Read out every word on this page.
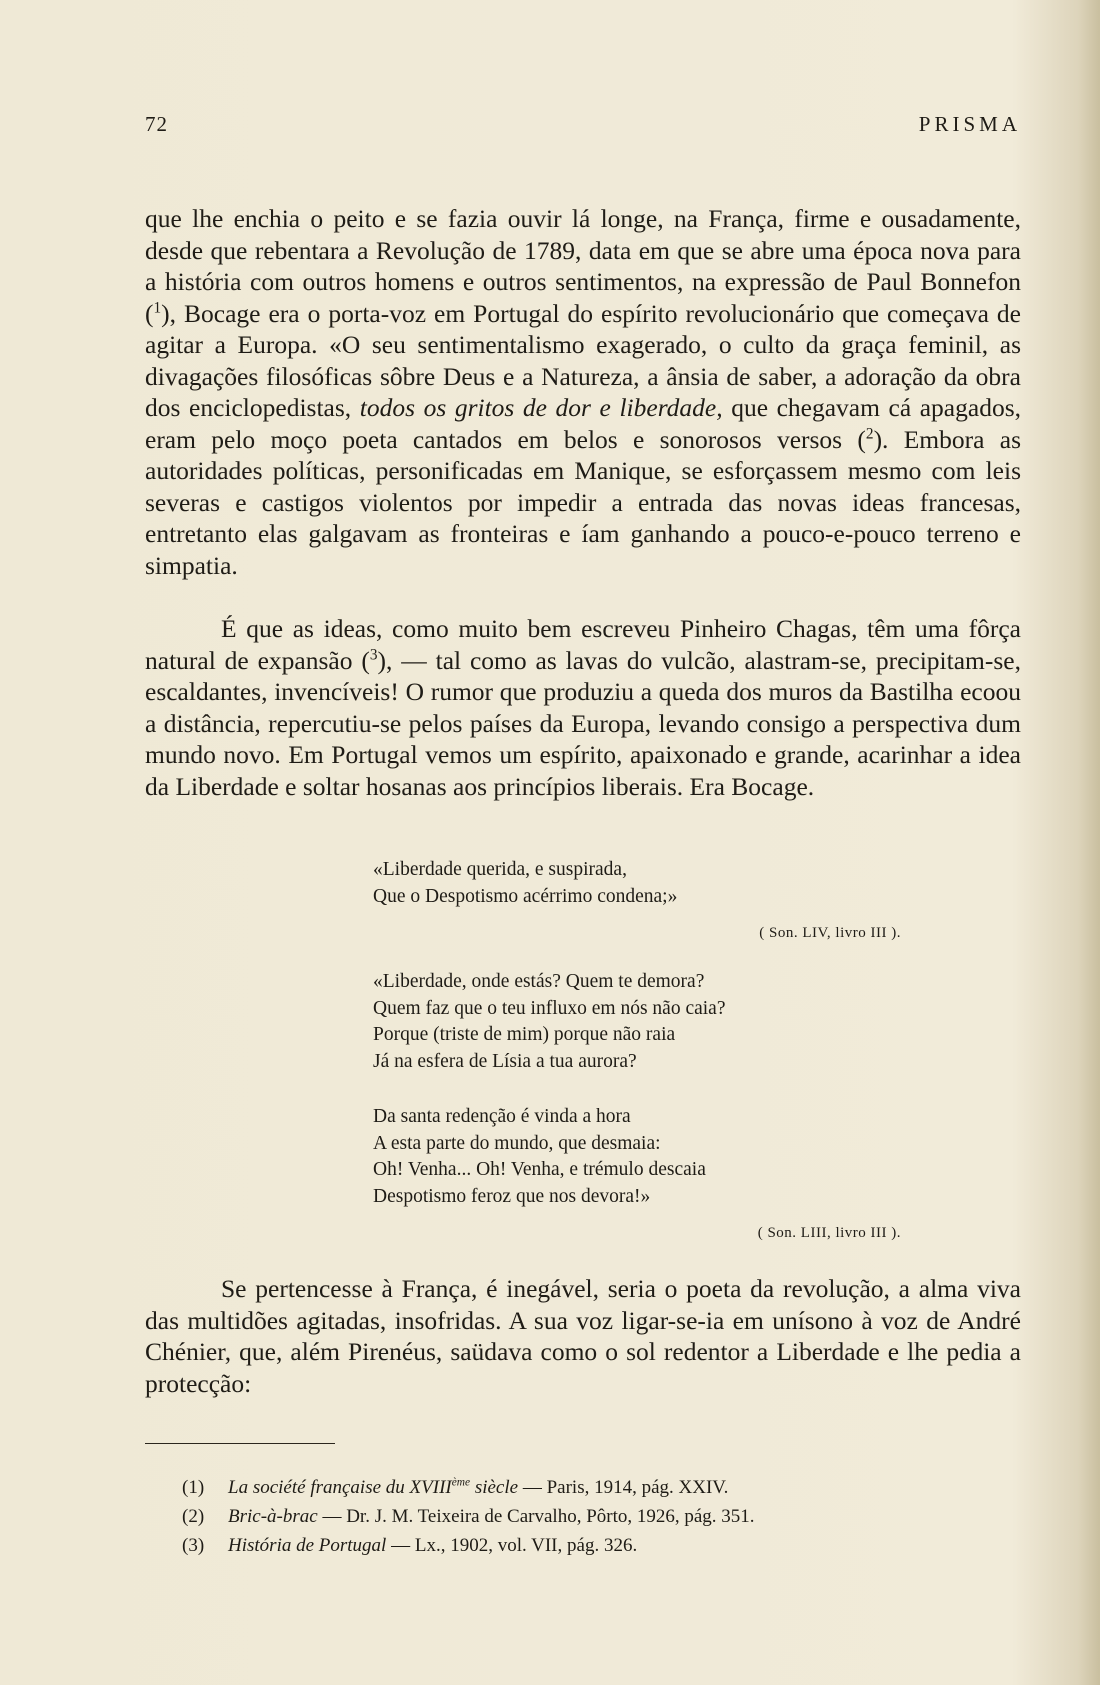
72	PRISMA

que lhe enchia o peito e se fazia ouvir lá longe, na França, firme e ousadamente, desde que rebentara a Revolução de 1789, data em que se abre uma época nova para a história com outros homens e outros sentimentos, na expressão de Paul Bonnefon ($^1$), Bocage era o porta-voz em Portugal do espírito revolucionário que começava de agitar a Europa. «O seu sentimentalismo exagerado, o culto da graça feminil, as divagações filosóficas sôbre Deus e a Natureza, a ânsia de saber, a adoração da obra dos enciclopedistas, todos os gritos de dor e liberdade, que chegavam cá apagados, eram pelo moço poeta cantados em belos e sonorosos versos ($^2$). Embora as autoridades políticas, personificadas em Manique, se esforçassem mesmo com leis severas e castigos violentos por impedir a entrada das novas ideas francesas, entretanto elas galgavam as fronteiras e íam ganhando a pouco-e-pouco terreno e simpatia.

É que as ideas, como muito bem escreveu Pinheiro Chagas, têm uma fôrça natural de expansão ($^3$), — tal como as lavas do vulcão, alastram-se, precipitam-se, escaldantes, invencíveis! O rumor que produziu a queda dos muros da Bastilha ecoou a distância, repercutiu-se pelos países da Europa, levando consigo a perspectiva dum mundo novo. Em Portugal vemos um espírito, apaixonado e grande, acarinhar a idea da Liberdade e soltar hosanas aos princípios liberais. Era Bocage.

«Liberdade querida, e suspirada,
Que o Despotismo acérrimo condena;»
( Son. LIV, livro III ).
«Liberdade, onde estás? Quem te demora?
Quem faz que o teu influxo em nós não caia?
Porque (triste de mim) porque não raia
Já na esfera de Lísia a tua aurora?
Da santa redenção é vinda a hora
A esta parte do mundo, que desmaia:
Oh! Venha... Oh! Venha, e trémulo descaia
Despotismo feroz que nos devora!»
( Son. LIII, livro III ).

Se pertencesse à França, é inegável, seria o poeta da revolução, a alma viva das multidões agitadas, insofridas. A sua voz ligar-se-ia em unísono à voz de André Chénier, que, além Pirenéus, saüdava como o sol redentor a Liberdade e lhe pedia a protecção:

(1) La société française du XVIIIème siècle — Paris, 1914, pág. XXIV.
(2) Bric-à-brac — Dr. J. M. Teixeira de Carvalho, Pôrto, 1926, pág. 351.
(3) História de Portugal — Lx., 1902, vol. VII, pág. 326.
